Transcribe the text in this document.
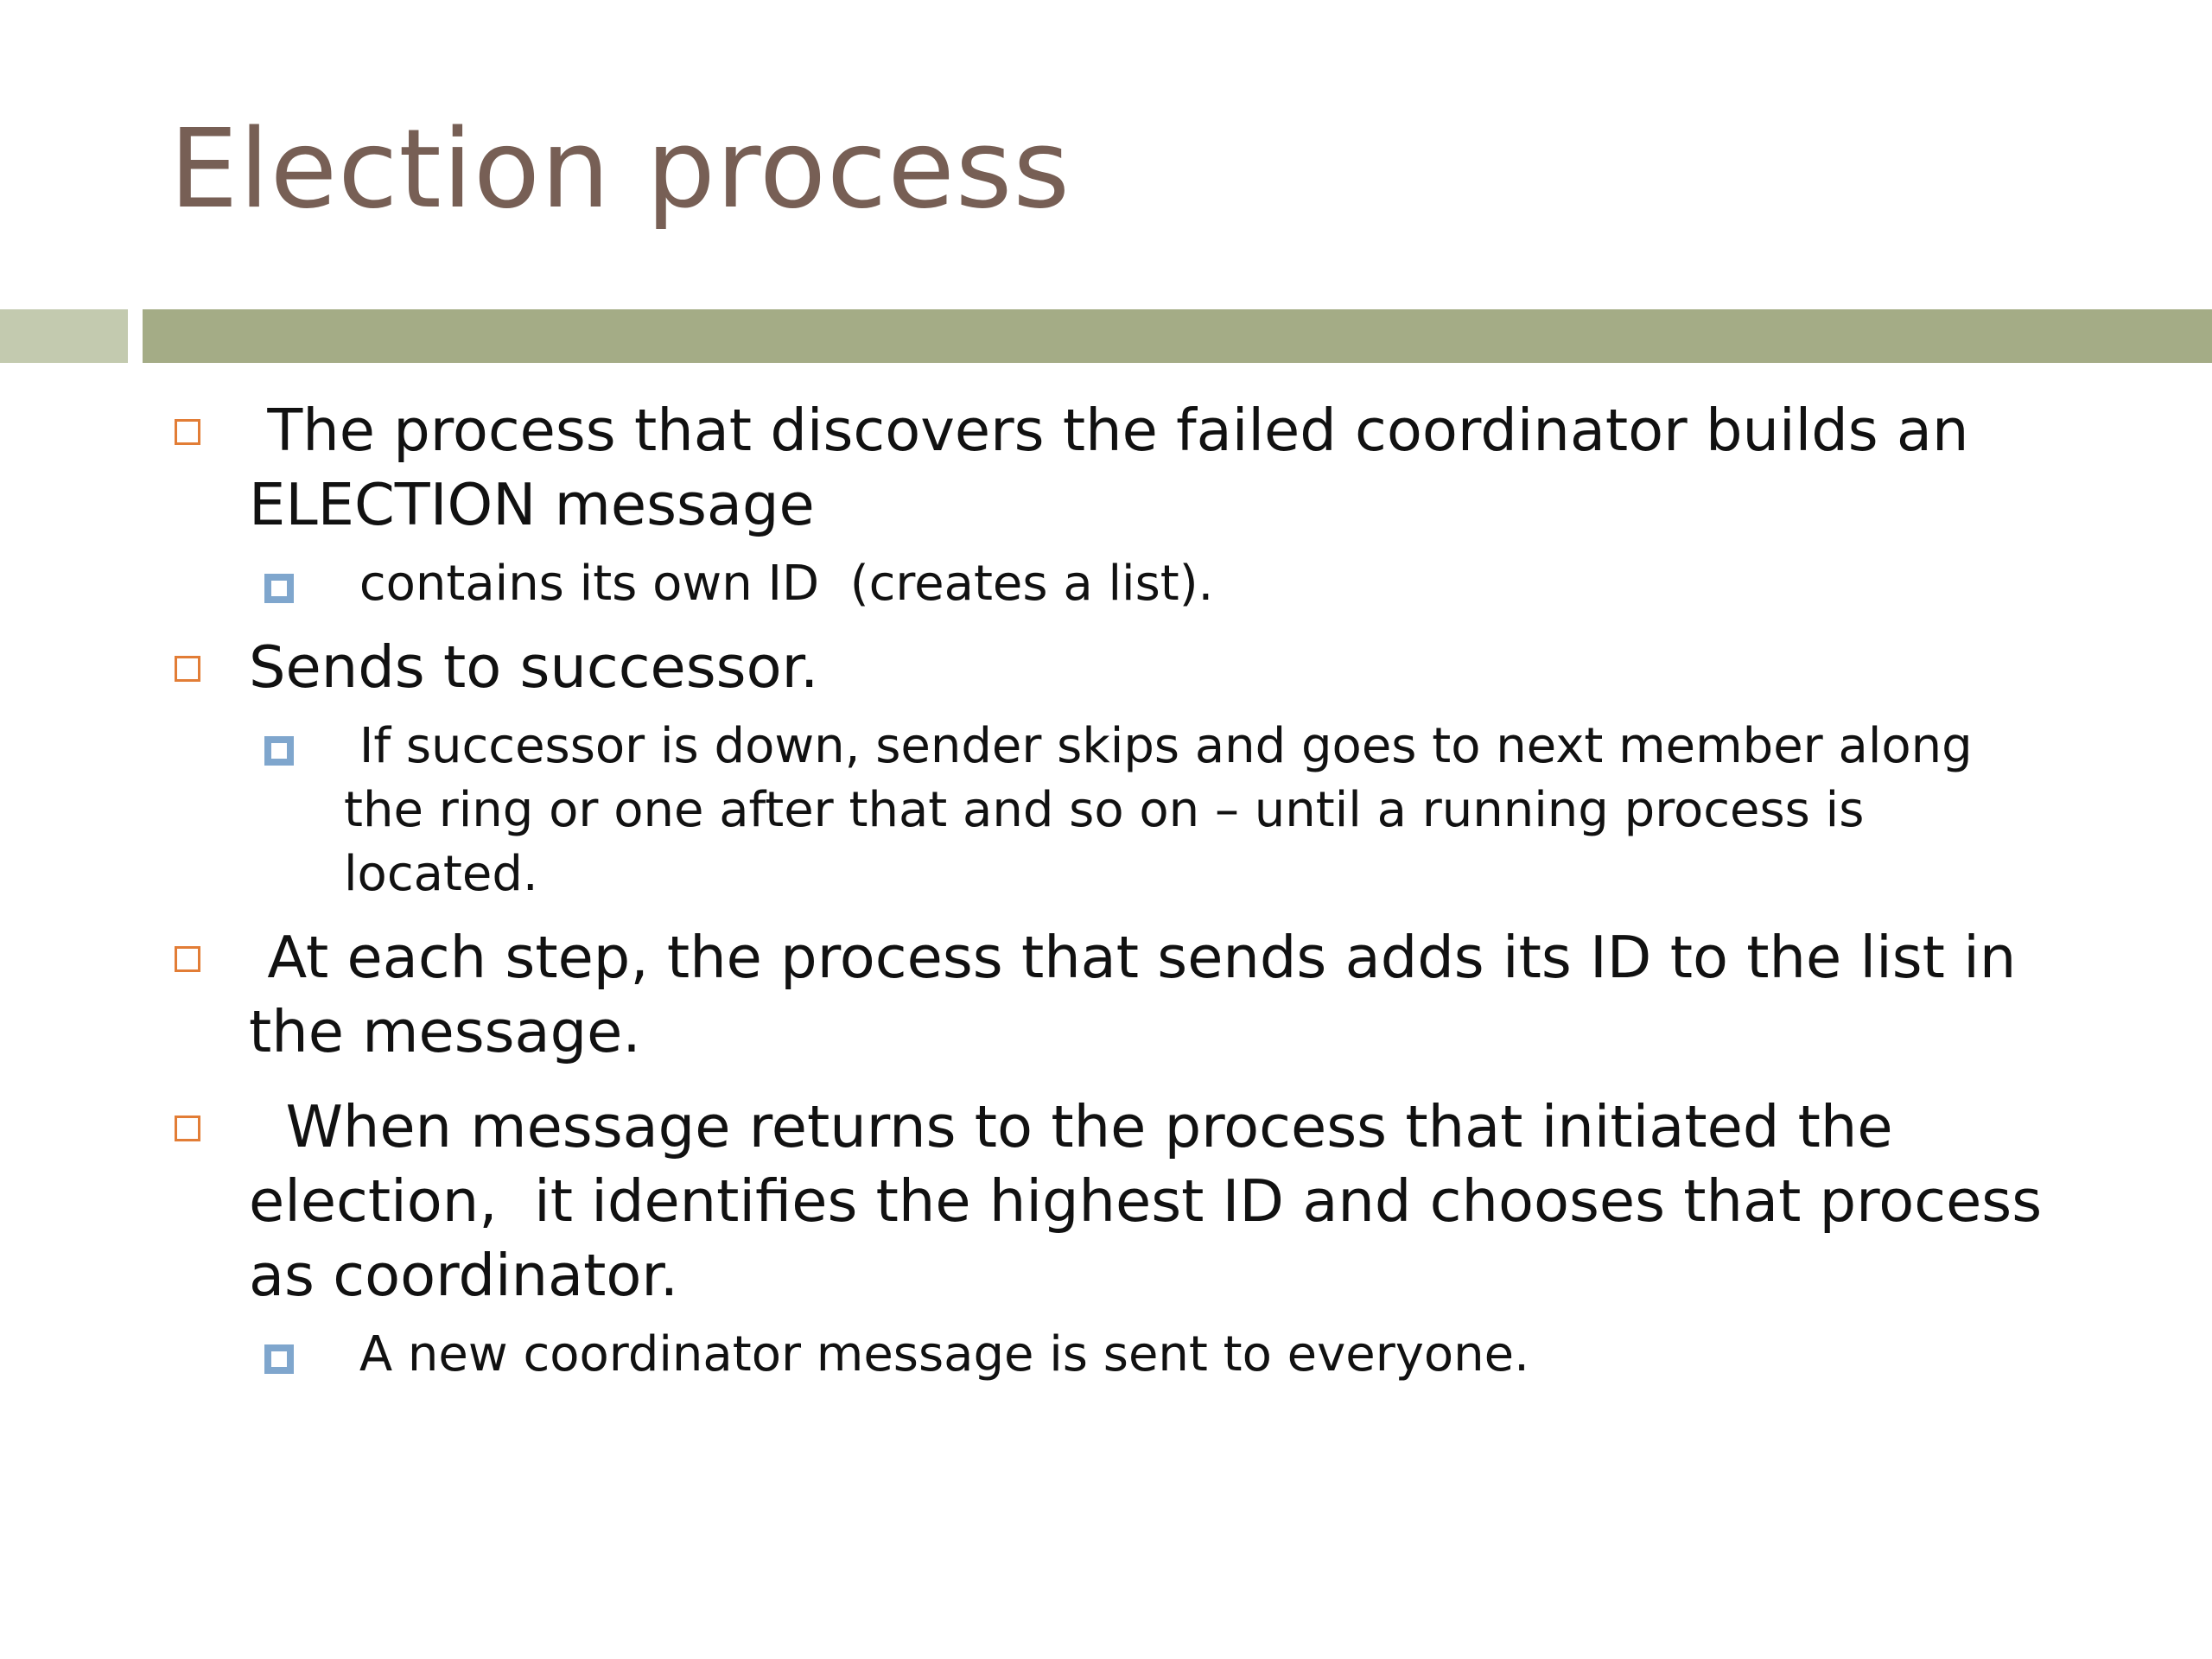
Election process

The process that discovers the failed coordinator builds an ELECTION message

contains its own ID  (creates a list).

Sends to successor.

If successor is down, sender skips and goes to next member along the ring or one after that and so on – until a running process is located.

At each step, the process that sends adds its ID to the list in the message.

When message returns to the process that initiated the election,  it identifies the highest ID and chooses that process as coordinator.

A new coordinator message is sent to everyone.
